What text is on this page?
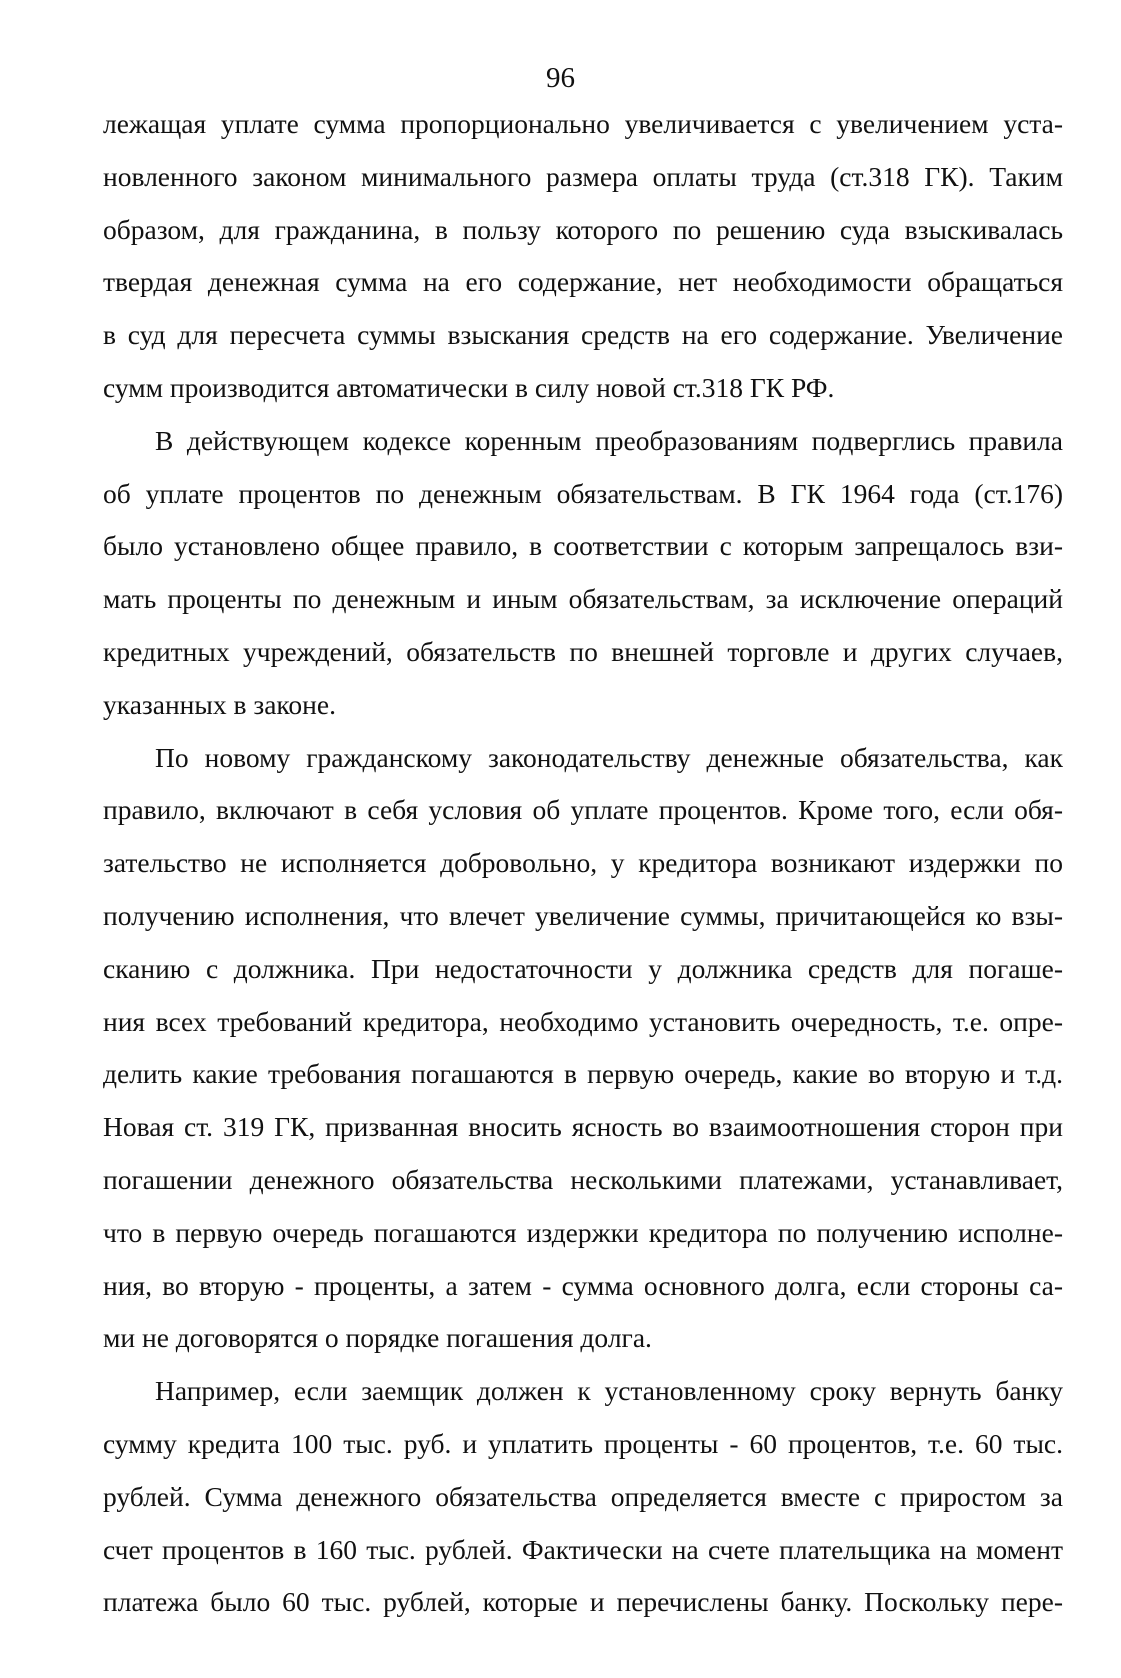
96
лежащая уплате сумма пропорционально увеличивается с увеличением уста-
новленного законом минимального размера оплаты труда (ст.318 ГК). Таким
образом, для гражданина, в пользу которого по решению суда взыскивалась
твердая денежная сумма на его содержание, нет необходимости обращаться
в суд для пересчета суммы взыскания средств на его содержание. Увеличение
сумм производится автоматически в силу новой ст.318 ГК РФ.
В действующем кодексе коренным преобразованиям подверглись правила
об уплате процентов по денежным обязательствам. В ГК 1964 года (ст.176)
было установлено общее правило, в соответствии с которым запрещалось взи-
мать проценты по денежным и иным обязательствам, за исключение операций
кредитных учреждений, обязательств по внешней торговле и других случаев,
указанных в законе.
По новому гражданскому законодательству денежные обязательства, как
правило, включают в себя условия об уплате процентов. Кроме того, если обя-
зательство не исполняется добровольно, у кредитора возникают издержки по
получению исполнения, что влечет увеличение суммы, причитающейся ко взы-
сканию с должника. При недостаточности у должника средств для погаше-
ния всех требований кредитора, необходимо установить очередность, т.е. опре-
делить какие требования погашаются в первую очередь, какие во вторую и т.д.
Новая ст. 319 ГК, призванная вносить ясность во взаимоотношения сторон при
погашении денежного обязательства несколькими платежами, устанавливает,
что в первую очередь погашаются издержки кредитора по получению исполне-
ния, во вторую - проценты, а затем - сумма основного долга, если стороны са-
ми не договорятся о порядке погашения долга.
Например, если заемщик должен к установленному сроку вернуть банку
сумму кредита 100 тыс. руб. и уплатить проценты - 60 процентов, т.е. 60 тыс.
рублей. Сумма денежного обязательства определяется вместе с приростом за
счет процентов в 160 тыс. рублей. Фактически на счете плательщика на момент
платежа было 60 тыс. рублей, которые и перечислены банку. Поскольку пере-
